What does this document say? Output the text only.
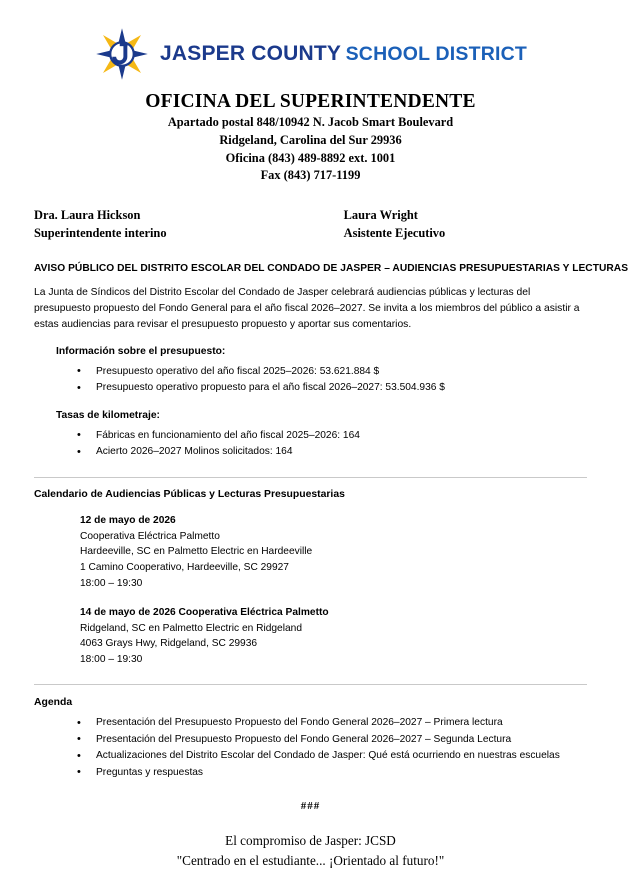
JASPER COUNTY SCHOOL DISTRICT
OFICINA DEL SUPERINTENDENTE
Apartado postal 848/10942 N. Jacob Smart Boulevard
Ridgeland, Carolina del Sur 29936
Oficina (843) 489-8892 ext. 1001
Fax (843) 717-1199
Dra. Laura Hickson
Superintendente interino
Laura Wright
Asistente Ejecutivo
AVISO PÚBLICO DEL DISTRITO ESCOLAR DEL CONDADO DE JASPER – AUDIENCIAS PRESUPUESTARIAS Y LECTURAS

La Junta de Síndicos del Distrito Escolar del Condado de Jasper celebrará audiencias públicas y lecturas del presupuesto propuesto del Fondo General para el año fiscal 2026–2027. Se invita a los miembros del público a asistir a estas audiencias para revisar el presupuesto propuesto y aportar sus comentarios.

Información sobre el presupuesto:
• Presupuesto operativo del año fiscal 2025–2026: 53.621.884 $
• Presupuesto operativo propuesto para el año fiscal 2026–2027: 53.504.936 $
Tasas de kilometraje:
• Fábricas en funcionamiento del año fiscal 2025–2026: 164
• Acierto 2026–2027 Molinos solicitados: 164
Calendario de Audiencias Públicas y Lecturas Presupuestarias
12 de mayo de 2026
Cooperativa Eléctrica Palmetto
Hardeeville, SC en Palmetto Electric en Hardeeville
1 Camino Cooperativo, Hardeeville, SC 29927
18:00 – 19:30
14 de mayo de 2026 Cooperativa Eléctrica Palmetto
Ridgeland, SC en Palmetto Electric en Ridgeland
4063 Grays Hwy, Ridgeland, SC 29936
18:00 – 19:30
Agenda
• Presentación del Presupuesto Propuesto del Fondo General 2026–2027 – Primera lectura
• Presentación del Presupuesto Propuesto del Fondo General 2026–2027 – Segunda Lectura
• Actualizaciones del Distrito Escolar del Condado de Jasper: Qué está ocurriendo en nuestras escuelas
• Preguntas y respuestas
###
El compromiso de Jasper: JCSD
"Centrado en el estudiante... ¡Orientado al futuro!"
